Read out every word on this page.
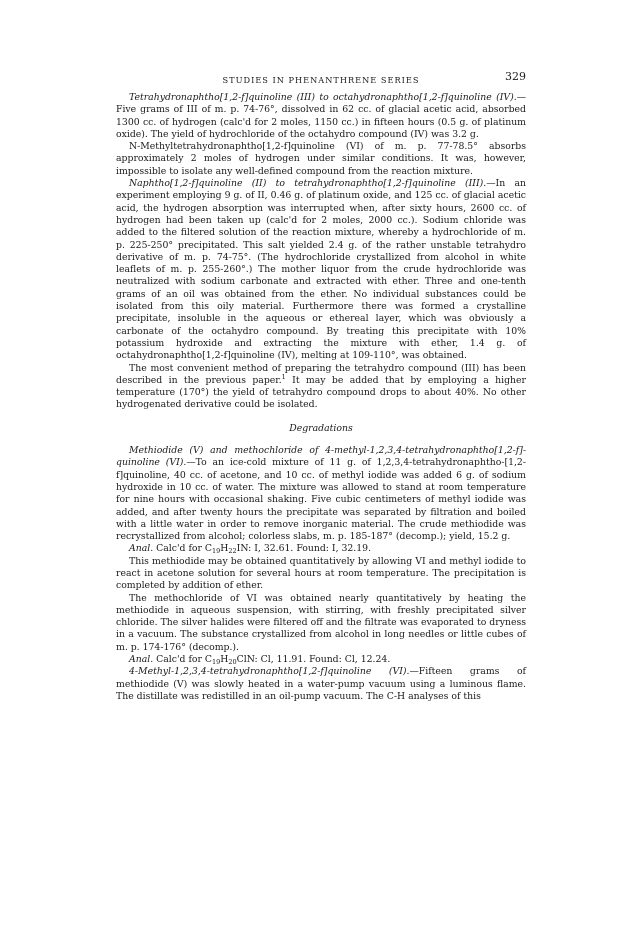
STUDIES IN PHENANTHRENE SERIES	329

Tetrahydronaphtho[1,2-f]quinoline (III) to octahydronaphtho[1,2-f]quinoline (IV).—Five grams of III of m. p. 74-76°, dissolved in 62 cc. of glacial acetic acid, absorbed 1300 cc. of hydrogen (calc'd for 2 moles, 1150 cc.) in fifteen hours (0.5 g. of platinum oxide). The yield of hydrochloride of the octahydro compound (IV) was 3.2 g.

N-Methyltetrahydronaphtho[1,2-f]quinoline (VI) of m. p. 77-78.5° absorbs approximately 2 moles of hydrogen under similar conditions. It was, however, impossible to isolate any well-defined compound from the reaction mixture.

Naphtho[1,2-f]quinoline (II) to tetrahydronaphtho[1,2-f]quinoline (III).—In an experiment employing 9 g. of II, 0.46 g. of platinum oxide, and 125 cc. of glacial acetic acid, the hydrogen absorption was interrupted when, after sixty hours, 2600 cc. of hydrogen had been taken up (calc'd for 2 moles, 2000 cc.). Sodium chloride was added to the filtered solution of the reaction mixture, whereby a hydrochloride of m. p. 225-250° precipitated. This salt yielded 2.4 g. of the rather unstable tetrahydro derivative of m. p. 74-75°. (The hydrochloride crystallized from alcohol in white leaflets of m. p. 255-260°.) The mother liquor from the crude hydrochloride was neutralized with sodium carbonate and extracted with ether. Three and one-tenth grams of an oil was obtained from the ether. No individual substances could be isolated from this oily material. Furthermore there was formed a crystalline precipitate, insoluble in the aqueous or ethereal layer, which was obviously a carbonate of the octahydro compound. By treating this precipitate with 10% potassium hydroxide and extracting the mixture with ether, 1.4 g. of octahydronaphtho[1,2-f]quinoline (IV), melting at 109-110°, was obtained.

The most convenient method of preparing the tetrahydro compound (III) has been described in the previous paper.$^1$ It may be added that by employing a higher temperature (170°) the yield of tetrahydro compound drops to about 40%. No other hydrogenated derivative could be isolated.

Degradations

Methiodide (V) and methochloride of 4-methyl-1,2,3,4-tetrahydronaphtho[1,2-f]-quinoline (VI).—To an ice-cold mixture of 11 g. of 1,2,3,4-tetrahydronaphtho-[1,2-f]quinoline, 40 cc. of acetone, and 10 cc. of methyl iodide was added 6 g. of sodium hydroxide in 10 cc. of water. The mixture was allowed to stand at room temperature for nine hours with occasional shaking. Five cubic centimeters of methyl iodide was added, and after twenty hours the precipitate was separated by filtration and boiled with a little water in order to remove inorganic material. The crude methiodide was recrystallized from alcohol; colorless slabs, m. p. 185-187° (decomp.); yield, 15.2 g.

Anal. Calc'd for $C_{19}H_{22}IN$: I, 32.61. Found: I, 32.19.

This methiodide may be obtained quantitatively by allowing VI and methyl iodide to react in acetone solution for several hours at room temperature. The precipitation is completed by addition of ether.

The methochloride of VI was obtained nearly quantitatively by heating the methiodide in aqueous suspension, with stirring, with freshly precipitated silver chloride. The silver halides were filtered off and the filtrate was evaporated to dryness in a vacuum. The substance crystallized from alcohol in long needles or little cubes of m. p. 174-176° (decomp.).

Anal. Calc'd for $C_{19}H_{20}ClN$: Cl, 11.91. Found: Cl, 12.24.

4-Methyl-1,2,3,4-tetrahydronaphtho[1,2-f]quinoline (VI).—Fifteen grams of methiodide (V) was slowly heated in a water-pump vacuum using a luminous flame. The distillate was redistilled in an oil-pump vacuum. The C-H analyses of this
